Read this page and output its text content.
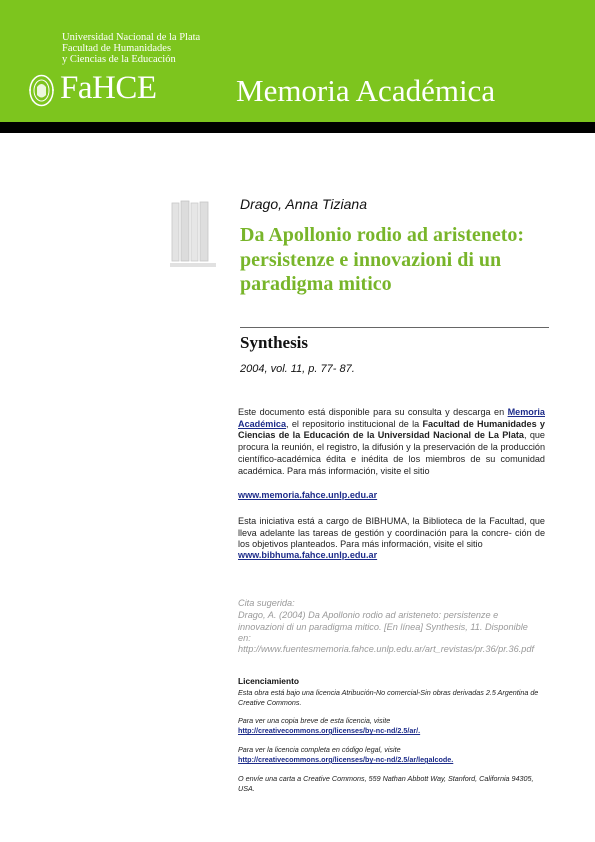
Universidad Nacional de la Plata
Facultad de Humanidades
y Ciencias de la Educación
FaHCE	Memoria Académica
Drago, Anna Tiziana
Da Apollonio rodio ad aristeneto: persistenze e innovazioni di un paradigma mitico
Synthesis
2004, vol. 11, p. 77- 87.

Este documento está disponible para su consulta y descarga en Memoria Académica, el repositorio institucional de la Facultad de Humanidades y Ciencias de la Educación de la Universidad Nacional de La Plata, que procura la reunión, el registro, la difusión y la preservación de la producción científico-académica édita e inédita de los miembros de su comunidad académica. Para más información, visite el sitio

www.memoria.fahce.unlp.edu.ar

Esta iniciativa está a cargo de BIBHUMA, la Biblioteca de la Facultad, que lleva adelante las tareas de gestión y coordinación para la concre- ción de los objetivos planteados. Para más información, visite el sitio

www.bibhuma.fahce.unlp.edu.ar
Cita sugerida:

Drago, A. (2004) Da Apollonio rodio ad aristeneto: persistenze e innovazioni di un paradigma mitico. [En línea] Synthesis, 11. Disponible en:

http://www.fuentesmemoria.fahce.unlp.edu.ar/art_revistas/pr.36/pr.36.pdf
Licenciamiento

Esta obra está bajo una licencia Atribución-No comercial-Sin obras derivadas 2.5 Argentina de Creative Commons.

Para ver una copia breve de esta licencia, visite
http://creativecommons.org/licenses/by-nc-nd/2.5/ar/.
Para ver la licencia completa en código legal, visite
http://creativecommons.org/licenses/by-nc-nd/2.5/ar/legalcode.

O envíe una carta a Creative Commons, 559 Nathan Abbott Way, Stanford, California 94305, USA.
